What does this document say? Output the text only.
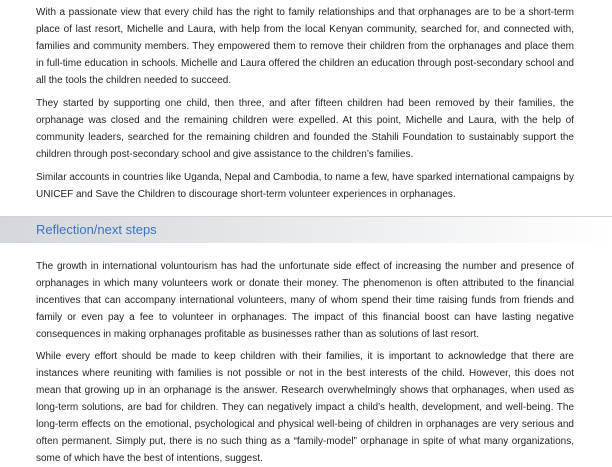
With a passionate view that every child has the right to family relationships and that orphanages are to be a short-term place of last resort, Michelle and Laura, with help from the local Kenyan community, searched for, and connected with, families and community members. They empowered them to remove their children from the orphanages and place them in full-time education in schools. Michelle and Laura offered the children an education through post-secondary school and all the tools the children needed to succeed.

They started by supporting one child, then three, and after fifteen children had been removed by their families, the orphanage was closed and the remaining children were expelled. At this point, Michelle and Laura, with the help of community leaders, searched for the remaining children and founded the Stahili Foundation to sustainably support the children through post-secondary school and give assistance to the children’s families.

Similar accounts in countries like Uganda, Nepal and Cambodia, to name a few, have sparked international campaigns by UNICEF and Save the Children to discourage short-term volunteer experiences in orphanages.

Reflection/next steps

The growth in international voluntourism has had the unfortunate side effect of increasing the number and presence of orphanages in which many volunteers work or donate their money. The phenomenon is often attributed to the financial incentives that can accompany international volunteers, many of whom spend their time raising funds from friends and family or even pay a fee to volunteer in orphanages. The impact of this financial boost can have lasting negative consequences in making orphanages profitable as businesses rather than as solutions of last resort.

While every effort should be made to keep children with their families, it is important to acknowledge that there are instances where reuniting with families is not possible or not in the best interests of the child. However, this does not mean that growing up in an orphanage is the answer. Research overwhelmingly shows that orphanages, when used as long-term solutions, are bad for children. They can negatively impact a child’s health, development, and well-being. The long-term effects on the emotional, psychological and physical well-being of children in orphanages are very serious and often permanent. Simply put, there is no such thing as a “family-model” orphanage in spite of what many organizations, some of which have the best of intentions, suggest.
